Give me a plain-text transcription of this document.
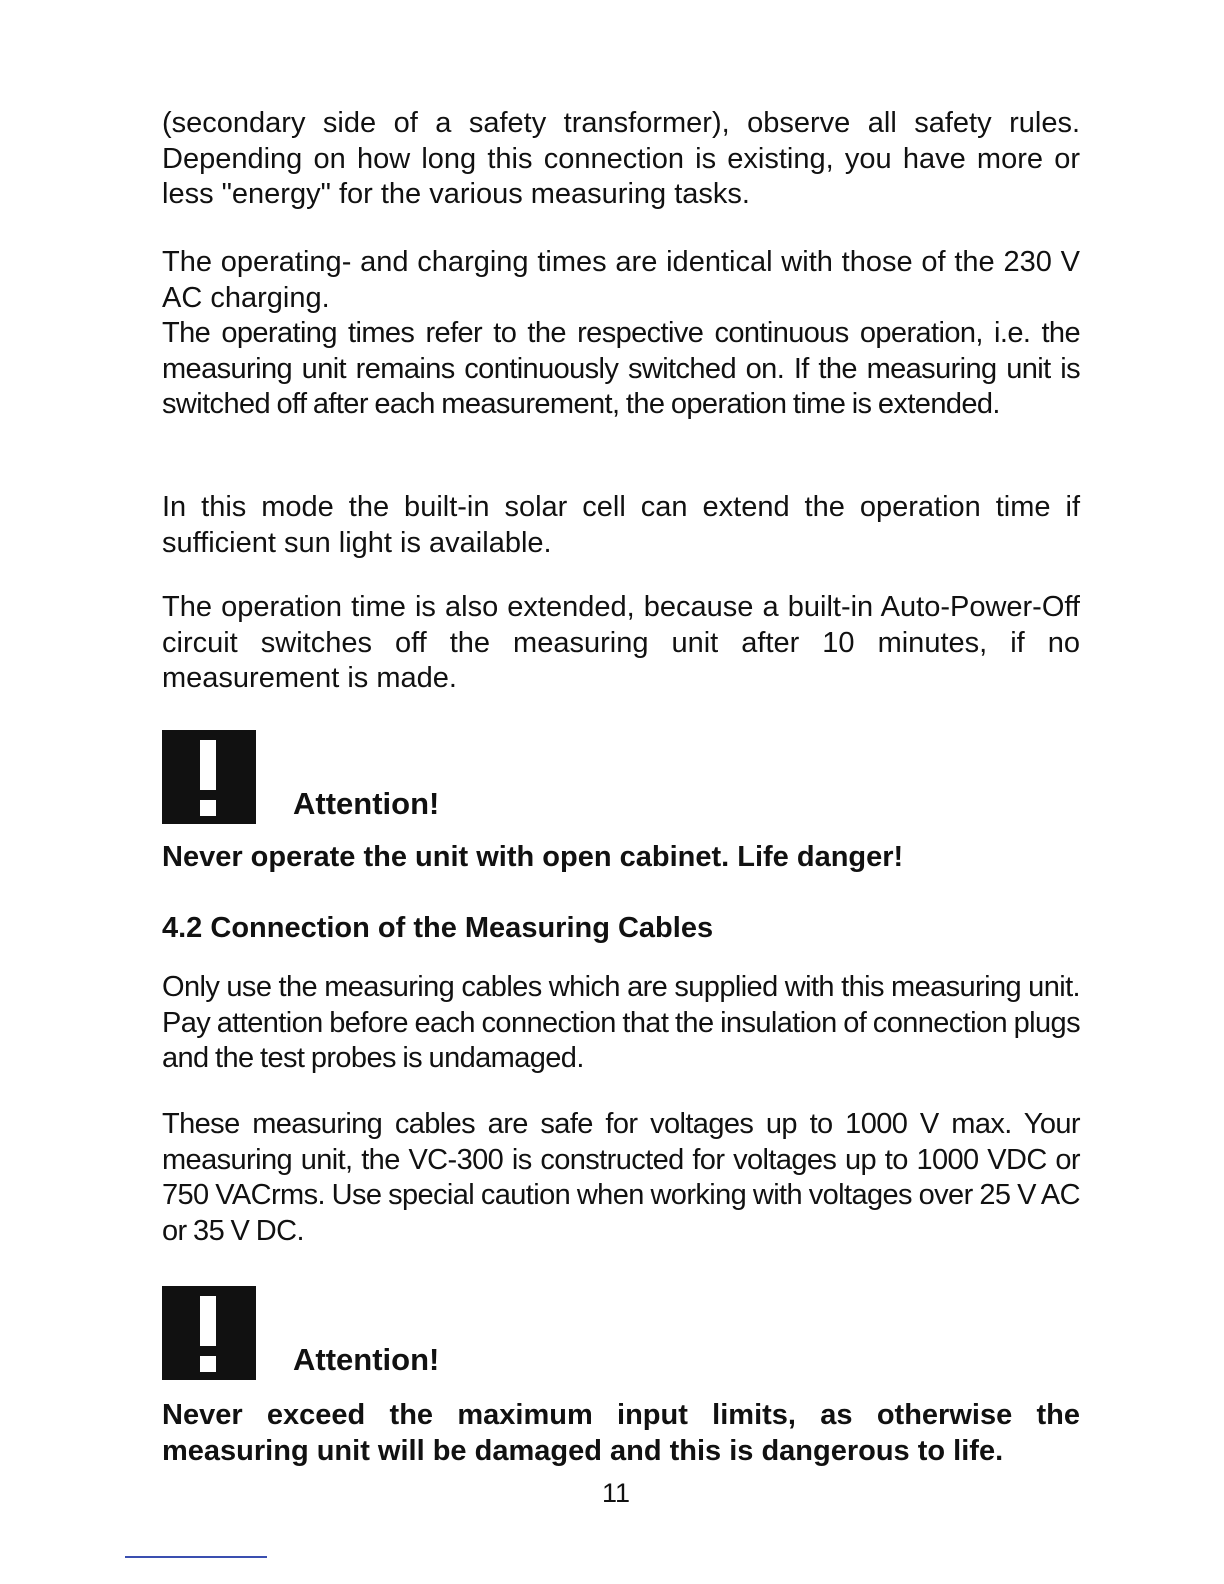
(secondary side of a safety transformer), observe all safety rules. Depending on how long this connection is existing, you have more or less "energy" for the various measuring tasks.

The operating- and charging times are identical with those of the 230 V AC charging.

The operating times refer to the respective continuous operation, i.e. the measuring unit remains continuously switched on. If the measuring unit is switched off after each measurement, the operation time is extended.

In this mode the built-in solar cell can extend the operation time if sufficient sun light is available.

The operation time is also extended, because a built-in Auto-Power-Off circuit switches off the measuring unit after 10 minutes, if no measurement is made.

Attention!

Never operate the unit with open cabinet. Life danger!

4.2 Connection of the Measuring Cables

Only use the measuring cables which are supplied with this measuring unit. Pay attention before each connection that the insulation of connection plugs and the test probes is undamaged.

These measuring cables are safe for voltages up to 1000 V max. Your measuring unit, the VC-300 is constructed for voltages up to 1000 VDC or 750 VACrms. Use special caution when working with voltages over 25 V AC or 35 V DC.

Attention!

Never exceed the maximum input limits, as otherwise the measuring unit will be damaged and this is dangerous to life.

11
